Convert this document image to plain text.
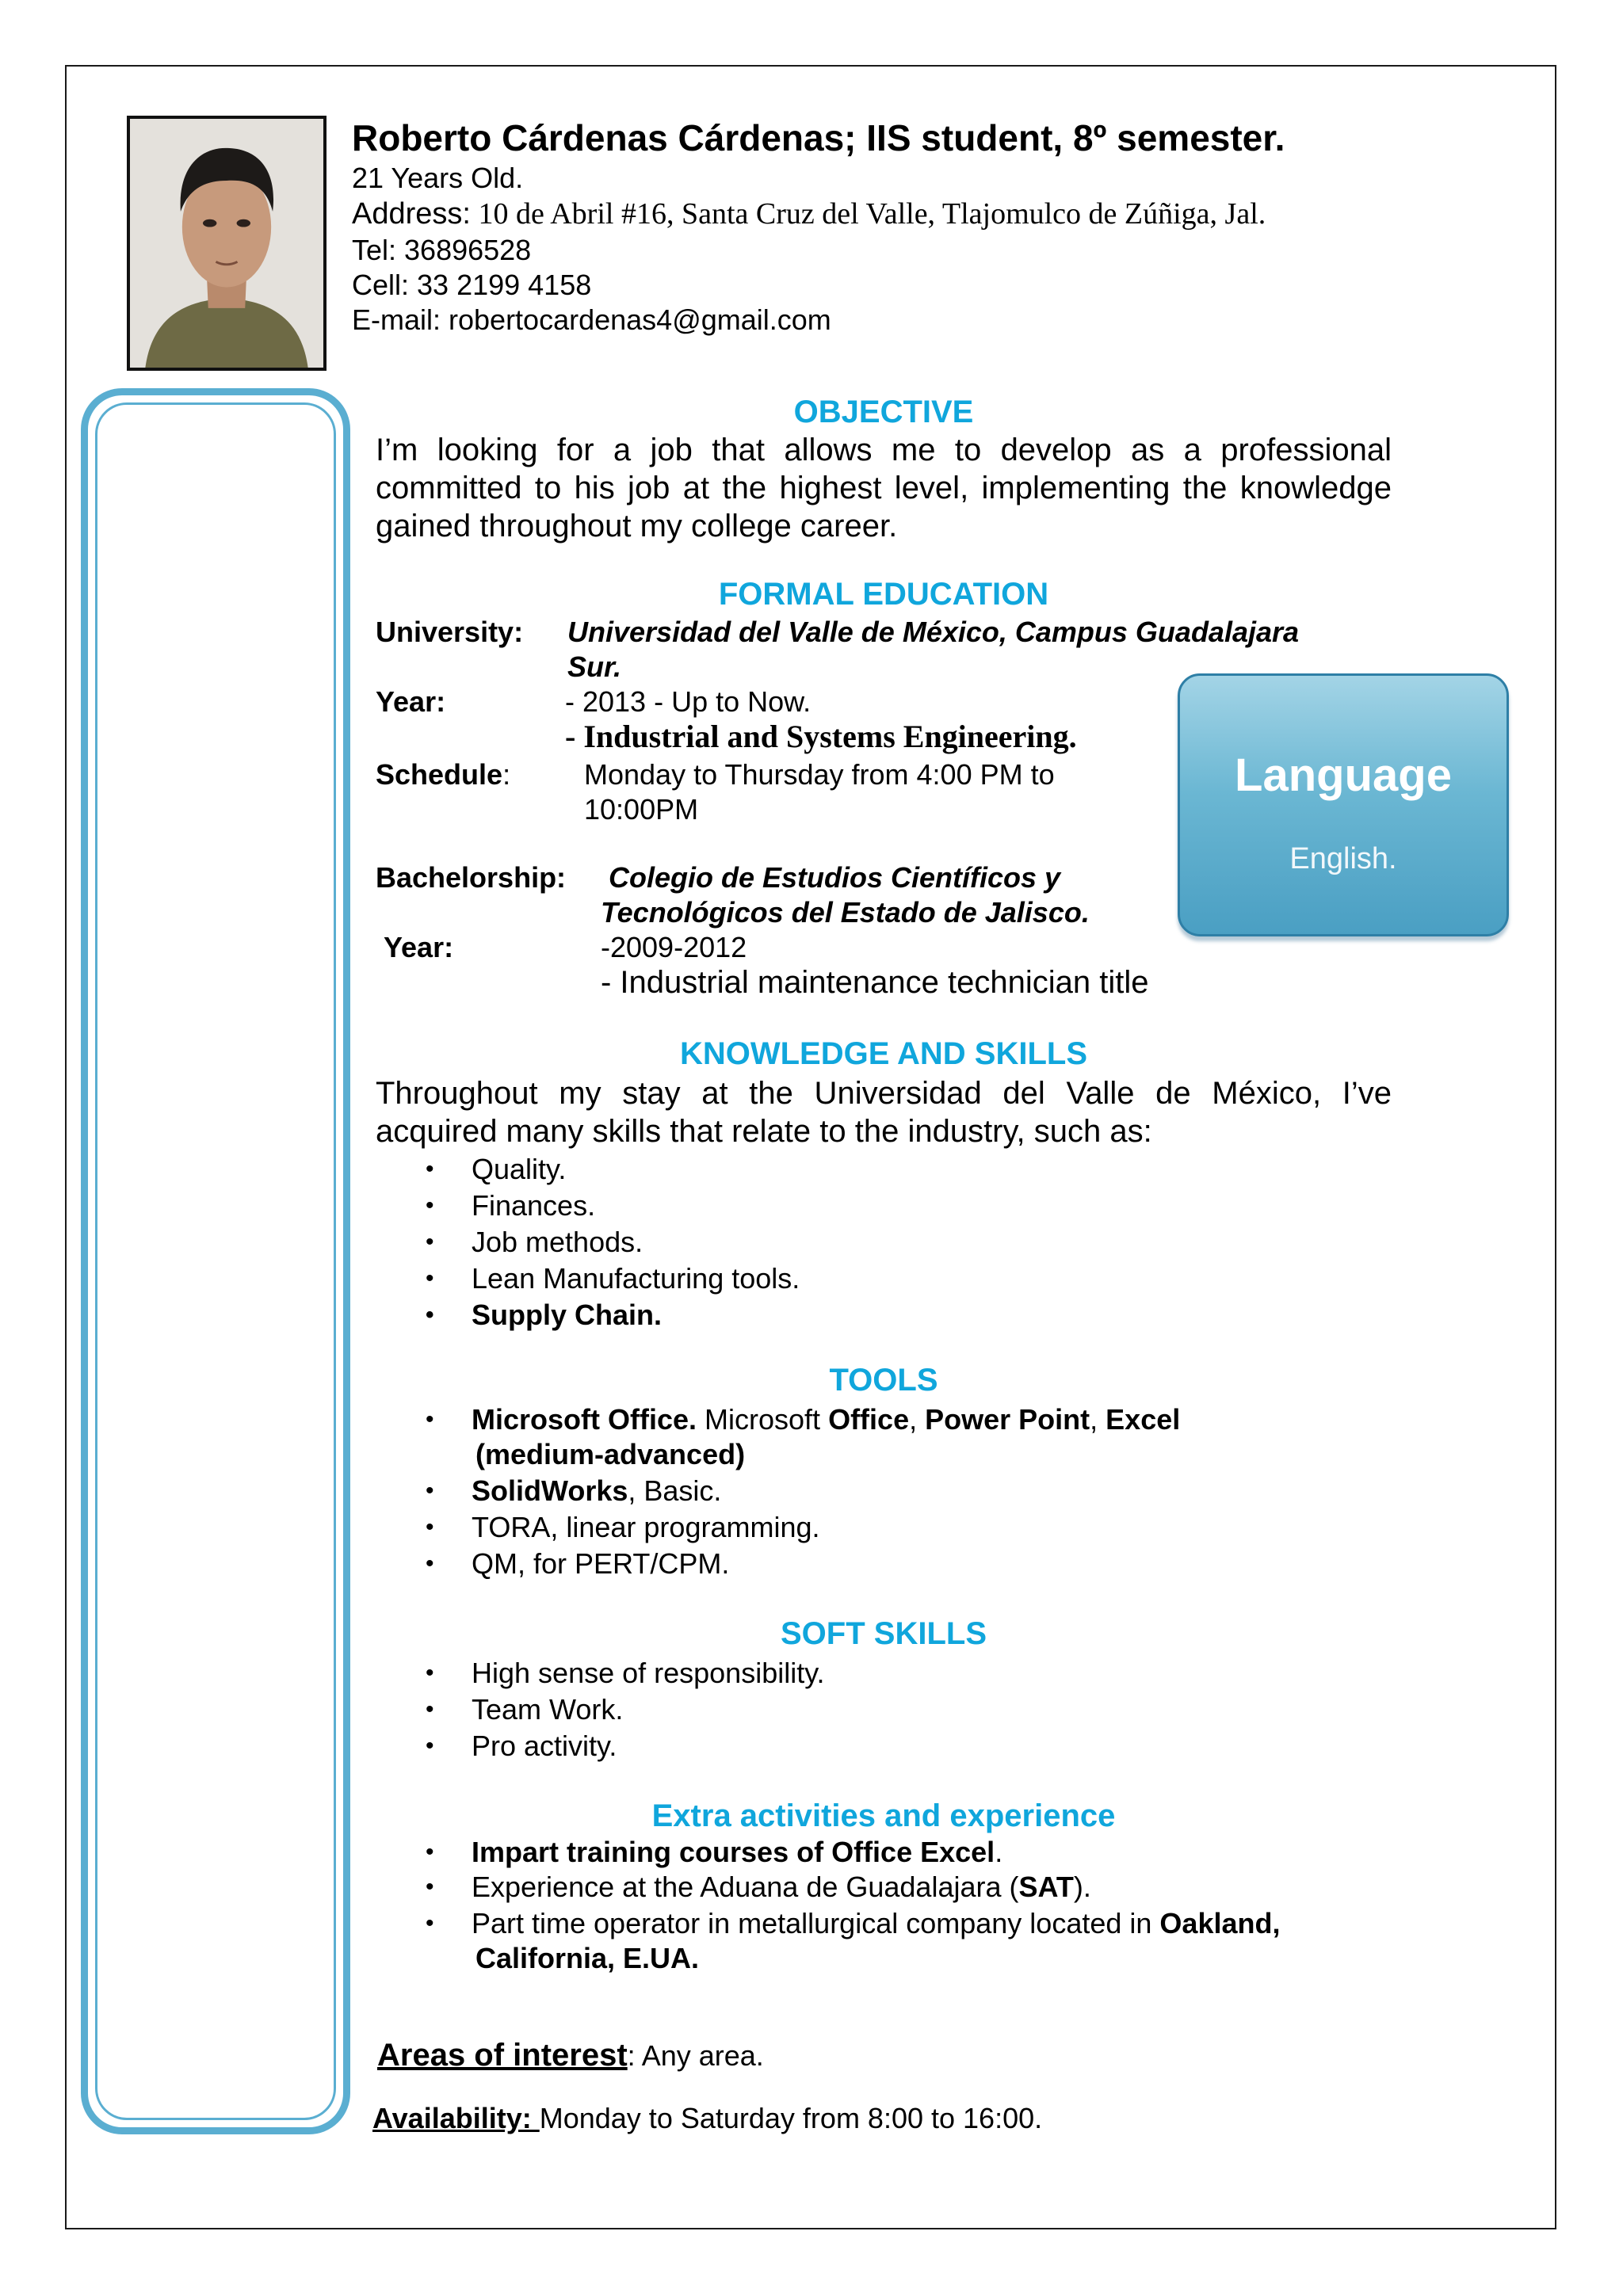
Roberto Cárdenas Cárdenas; IIS student, 8º semester.
21 Years Old.
Address: 10 de Abril #16, Santa Cruz del Valle, Tlajomulco de Zúñiga, Jal.
Tel: 36896528
Cell: 33 2199 4158
E-mail: robertocardenas4@gmail.com
OBJECTIVE
I’m looking for a job that allows me to develop as a professional
committed to his job at the highest level, implementing the knowledge
gained throughout my college career.
FORMAL EDUCATION
University: Universidad del Valle de México, Campus Guadalajara
Sur.
Year:	- 2013 - Up to Now.
- Industrial and Systems Engineering.
Schedule:	Monday to Thursday from 4:00 PM to
10:00PM
Bachelorship: Colegio de Estudios Científicos y
Tecnológicos del Estado de Jalisco.
Year:	-2009-2012
- Industrial maintenance technician title
Language
English.
KNOWLEDGE AND SKILLS
Throughout my stay at the Universidad del Valle de México, I’ve
acquired many skills that relate to the industry, such as:
• Quality.
• Finances.
• Job methods.
• Lean Manufacturing tools.
• Supply Chain.
TOOLS
• Microsoft Office. Microsoft Office, Power Point, Excel
(medium-advanced)
• SolidWorks, Basic.
• TORA, linear programming.
• QM, for PERT/CPM.
SOFT SKILLS
• High sense of responsibility.
• Team Work.
• Pro activity.
Extra activities and experience
• Impart training courses of Office Excel.
• Experience at the Aduana de Guadalajara (SAT).
• Part time operator in metallurgical company located in Oakland,
California, E.UA.
Areas of interest: Any area.
Availability: Monday to Saturday from 8:00 to 16:00.
